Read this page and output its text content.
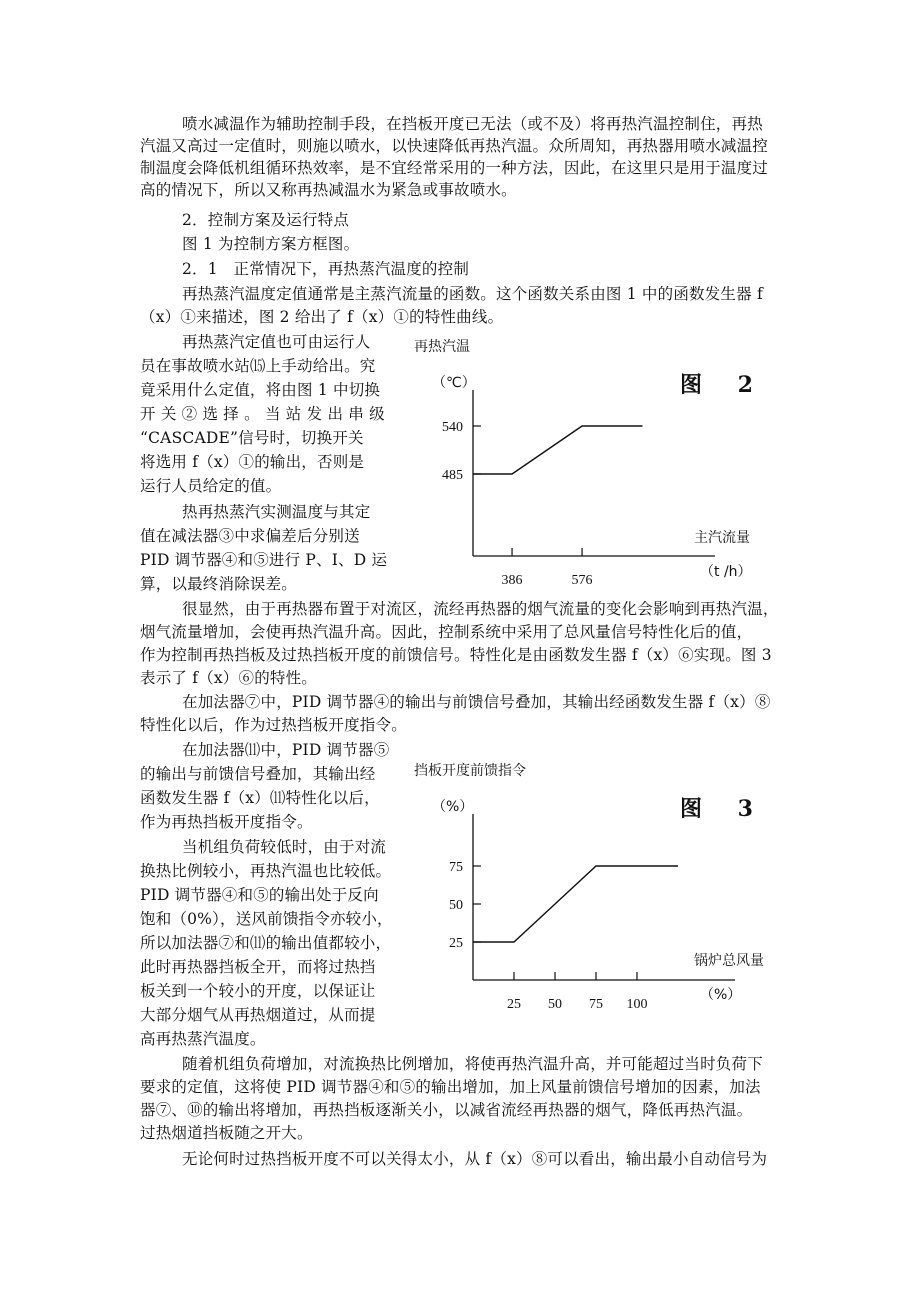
喷水减温作为辅助控制手段，在挡板开度已无法（或不及）将再热汽温控制住，再热
汽温又高过一定值时，则施以喷水，以快速降低再热汽温。众所周知，再热器用喷水减温控
制温度会降低机组循环热效率，是不宜经常采用的一种方法，因此，在这里只是用于温度过
高的情况下，所以又称再热减温水为紧急或事故喷水。
2．控制方案及运行特点
图 1 为控制方案方框图。
2．1　正常情况下，再热蒸汽温度的控制
再热蒸汽温度定值通常是主蒸汽流量的函数。这个函数关系由图 1 中的函数发生器 f
（x）①来描述，图 2 给出了 f（x）①的特性曲线。
再热蒸汽定值也可由运行人
员在事故喷水站⒂上手动给出。究
竟采用什么定值，将由图 1 中切换
开 关 ② 选 择 。 当 站 发 出 串 级
“CASCADE”信号时，切换开关
将选用 f（x）①的输出，否则是
运行人员给定的值。
热再热蒸汽实测温度与其定
值在减法器③中求偏差后分别送
PID 调节器④和⑤进行 P、I、D 运
算，以最终消除误差。
再热汽温
（℃）	图 2
主汽流量
（t /h）
485
540
386	576
很显然，由于再热器布置于对流区，流经再热器的烟气流量的变化会影响到再热汽温，
烟气流量增加，会使再热汽温升高。因此，控制系统中采用了总风量信号特性化后的值，
作为控制再热挡板及过热挡板开度的前馈信号。特性化是由函数发生器 f（x）⑥实现。图 3
表示了 f（x）⑥的特性。
在加法器⑦中，PID 调节器④的输出与前馈信号叠加，其输出经函数发生器 f（x）⑧
特性化以后，作为过热挡板开度指令。
在加法器⑾中，PID 调节器⑤
的输出与前馈信号叠加，其输出经
函数发生器 f（x）⑾特性化以后，
作为再热挡板开度指令。
当机组负荷较低时，由于对流
换热比例较小，再热汽温也比较低。
PID 调节器④和⑤的输出处于反向
饱和（0%），送风前馈指令亦较小，
所以加法器⑦和⑾的输出值都较小，
此时再热器挡板全开，而将过热挡
板关到一个较小的开度，以保证让
大部分烟气从再热烟道过，从而提
高再热蒸汽温度。
挡板开度前馈指令
（%）	图 3
锅炉总风量
（%）
25
50
75
25 50 75 100
随着机组负荷增加，对流换热比例增加，将使再热汽温升高，并可能超过当时负荷下
要求的定值，这将使 PID 调节器④和⑤的输出增加，加上风量前馈信号增加的因素，加法
器⑦、⑩的输出将增加，再热挡板逐渐关小，以减省流经再热器的烟气，降低再热汽温。
过热烟道挡板随之开大。
无论何时过热挡板开度不可以关得太小，从 f（x）⑧可以看出，输出最小自动信号为
